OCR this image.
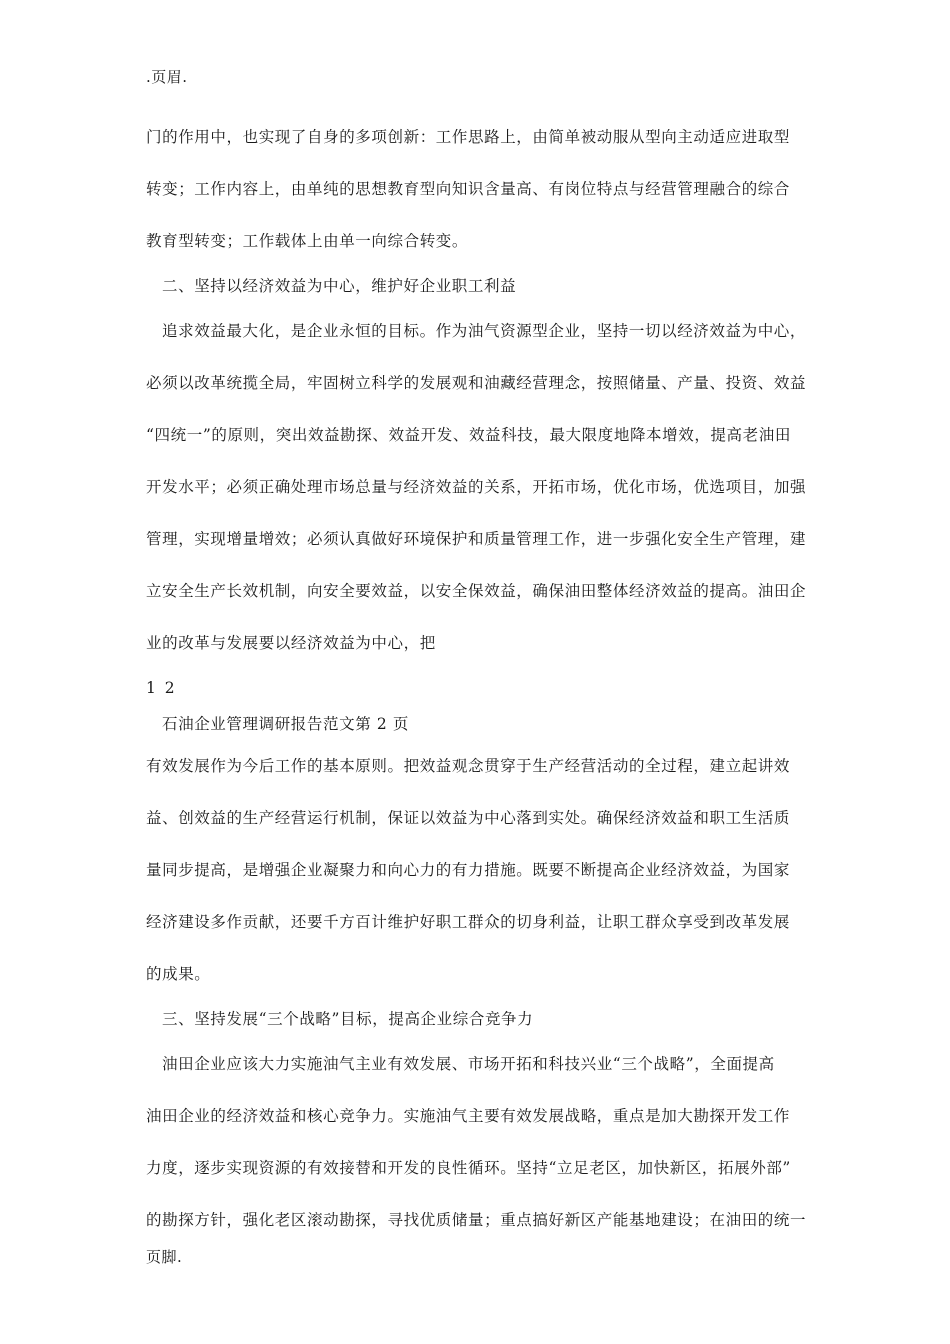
.页眉.
门的作用中，也实现了自身的多项创新：工作思路上，由简单被动服从型向主动适应进取型
转变；工作内容上，由单纯的思想教育型向知识含量高、有岗位特点与经营管理融合的综合
教育型转变；工作载体上由单一向综合转变。
二、坚持以经济效益为中心，维护好企业职工利益
追求效益最大化，是企业永恒的目标。作为油气资源型企业，坚持一切以经济效益为中心，
必须以改革统揽全局，牢固树立科学的发展观和油藏经营理念，按照储量、产量、投资、效益
“四统一”的原则，突出效益勘探、效益开发、效益科技，最大限度地降本增效，提高老油田
开发水平；必须正确处理市场总量与经济效益的关系，开拓市场，优化市场，优选项目，加强
管理，实现增量增效；必须认真做好环境保护和质量管理工作，进一步强化安全生产管理，建
立安全生产长效机制，向安全要效益，以安全保效益，确保油田整体经济效益的提高。油田企
业的改革与发展要以经济效益为中心，把
1 2
石油企业管理调研报告范文第 2 页
有效发展作为今后工作的基本原则。把效益观念贯穿于生产经营活动的全过程，建立起讲效
益、创效益的生产经营运行机制，保证以效益为中心落到实处。确保经济效益和职工生活质
量同步提高，是增强企业凝聚力和向心力的有力措施。既要不断提高企业经济效益，为国家
经济建设多作贡献，还要千方百计维护好职工群众的切身利益，让职工群众享受到改革发展
的成果。
三、坚持发展“三个战略”目标，提高企业综合竞争力
油田企业应该大力实施油气主业有效发展、市场开拓和科技兴业“三个战略”，全面提高
油田企业的经济效益和核心竞争力。实施油气主要有效发展战略，重点是加大勘探开发工作
力度，逐步实现资源的有效接替和开发的良性循环。坚持“立足老区，加快新区，拓展外部”
的勘探方针，强化老区滚动勘探，寻找优质储量；重点搞好新区产能基地建设；在油田的统一
页脚.
